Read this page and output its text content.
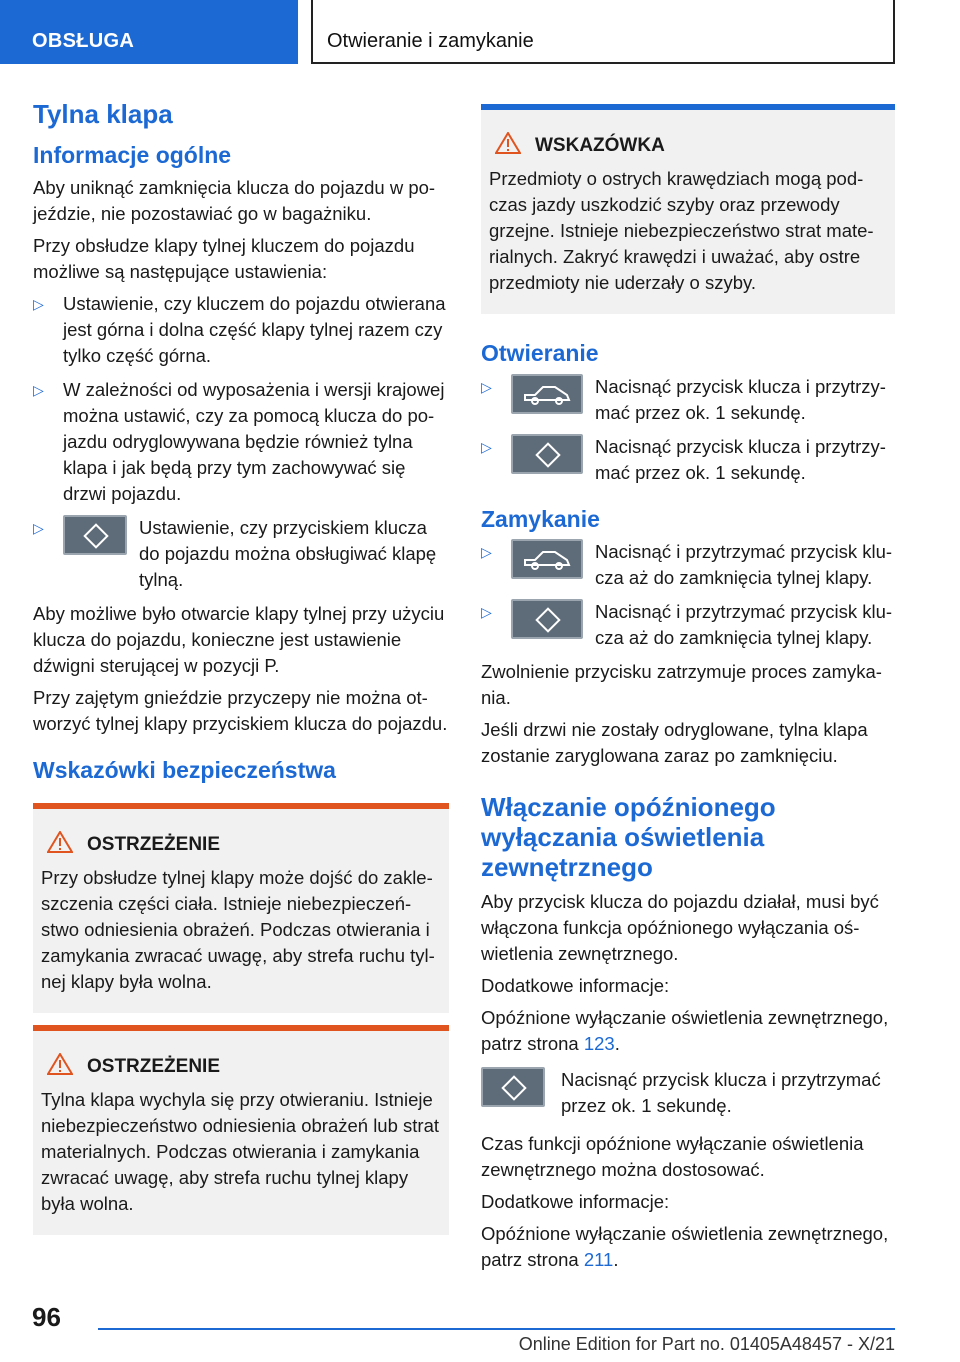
OBSŁUGA	Otwieranie i zamykanie
Tylna klapa
Informacje ogólne

Aby uniknąć zamknięcia klucza do pojazdu w pojeździe, nie pozostawiać go w bagażniku.

Przy obsłudze klapy tylnej kluczem do pojazdu możliwe są następujące ustawienia:

▷ Ustawienie, czy kluczem do pojazdu otwierana jest górna i dolna część klapy tylnej razem czy tylko część górna.
▷ W zależności od wyposażenia i wersji krajowej można ustawić, czy za pomocą klucza do pojazdu odryglowywana będzie również tylna klapa i jak będą przy tym zachowywać się drzwi pojazdu.
▷	Ustawienie, czy przyciskiem klucza do pojazdu można obsługiwać klapę tylną.

Aby możliwe było otwarcie klapy tylnej przy użyciu klucza do pojazdu, konieczne jest ustawienie dźwigni sterującej w pozycji P.

Przy zajętym gnieździe przyczepy nie można otworzyć tylnej klapy przyciskiem klucza do pojazdu.

Wskazówki bezpieczeństwa
OSTRZEŻENIE

Przy obsłudze tylnej klapy może dojść do zakleszczenia części ciała. Istnieje niebezpieczeństwo odniesienia obrażeń. Podczas otwierania i zamykania zwracać uwagę, aby strefa ruchu tylnej klapy była wolna.

OSTRZEŻENIE

Tylna klapa wychyla się przy otwieraniu. Istnieje niebezpieczeństwo odniesienia obrażeń lub strat materialnych. Podczas otwierania i zamykania zwracać uwagę, aby strefa ruchu tylnej klapy była wolna.

WSKAZÓWKA

Przedmioty o ostrych krawędziach mogą podczas jazdy uszkodzić szyby oraz przewody grzejne. Istnieje niebezpieczeństwo strat materialnych. Zakryć krawędzi i uważać, aby ostre przedmioty nie uderzały o szyby.

Otwieranie
▷	Nacisnąć przycisk klucza i przytrzymać przez ok. 1 sekundę.
▷	Nacisnąć przycisk klucza i przytrzymać przez ok. 1 sekundę.
Zamykanie
▷	Nacisnąć i przytrzymać przycisk klucza aż do zamknięcia tylnej klapy.
▷	Nacisnąć i przytrzymać przycisk klucza aż do zamknięcia tylnej klapy.

Zwolnienie przycisku zatrzymuje proces zamykania.

Jeśli drzwi nie zostały odryglowane, tylna klapa zostanie zaryglowana zaraz po zamknięciu.

Włączanie opóźnionego wyłączania oświetlenia zewnętrznego

Aby przycisk klucza do pojazdu działał, musi być włączona funkcja opóźnionego wyłączania oświetlenia zewnętrznego.

Dodatkowe informacje:

Opóźnione wyłączanie oświetlenia zewnętrznego, patrz strona 123.

Nacisnąć przycisk klucza i przytrzymać przez ok. 1 sekundę.

Czas funkcji opóźnione wyłączanie oświetlenia zewnętrznego można dostosować.

Dodatkowe informacje:

Opóźnione wyłączanie oświetlenia zewnętrznego, patrz strona 211.

96
Online Edition for Part no. 01405A48457 - X/21
